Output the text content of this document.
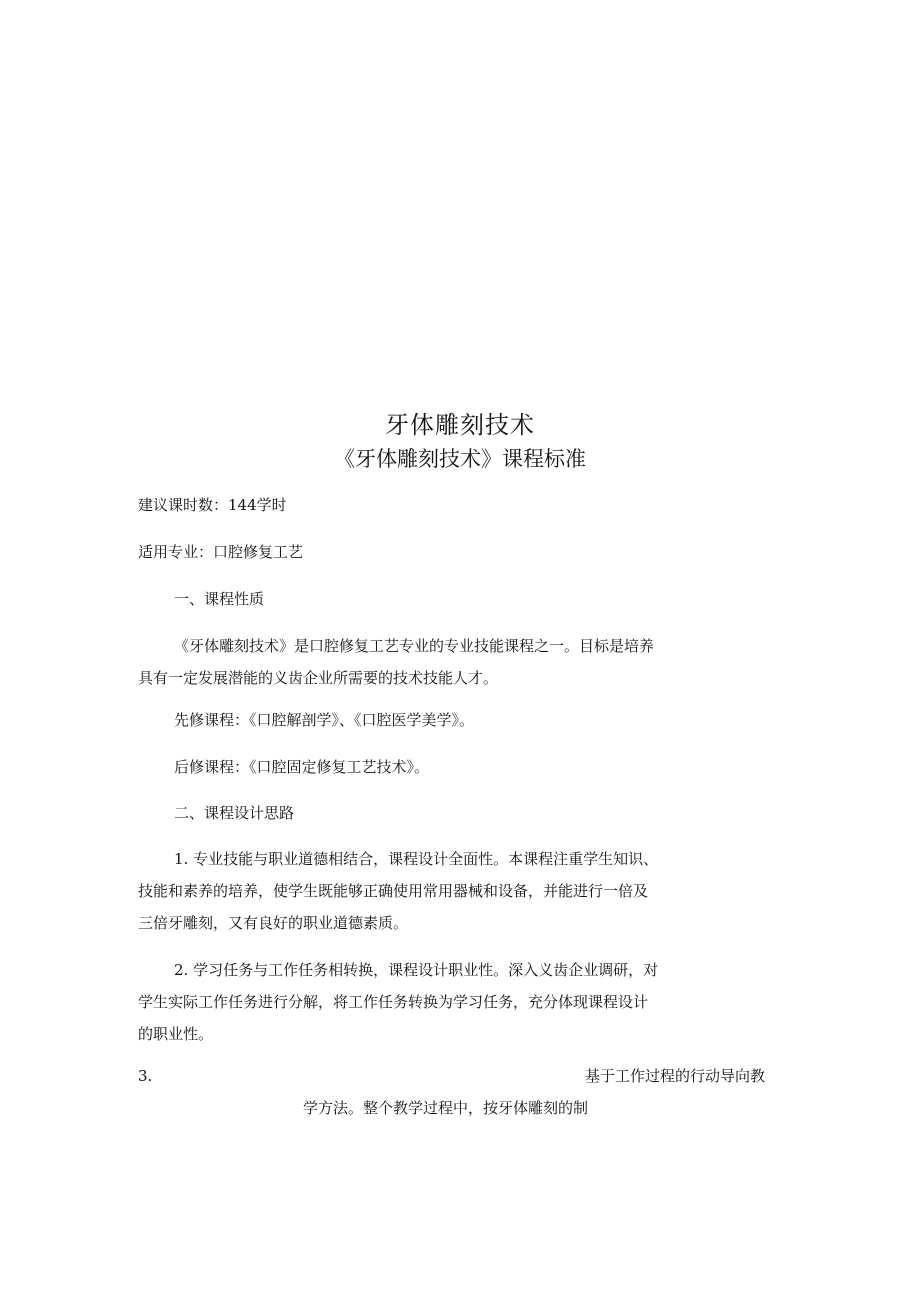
牙体雕刻技术
《牙体雕刻技术》课程标准
建议课时数：144学时
适用专业：口腔修复工艺
一、课程性质
《牙体雕刻技术》是口腔修复工艺专业的专业技能课程之一。目标是培养
具有一定发展潜能的义齿企业所需要的技术技能人才。
先修课程：《口腔解剖学》、《口腔医学美学》。
后修课程：《口腔固定修复工艺技术》。
二、课程设计思路
1. 专业技能与职业道德相结合，课程设计全面性。本课程注重学生知识、
技能和素养的培养，使学生既能够正确使用常用器械和设备，并能进行一倍及
三倍牙雕刻，又有良好的职业道德素质。
2. 学习任务与工作任务相转换，课程设计职业性。深入义齿企业调研，对
学生实际工作任务进行分解，将工作任务转换为学习任务，充分体现课程设计
的职业性。
3.	基于工作过程的行动导向教
学方法。整个教学过程中，按牙体雕刻的制
